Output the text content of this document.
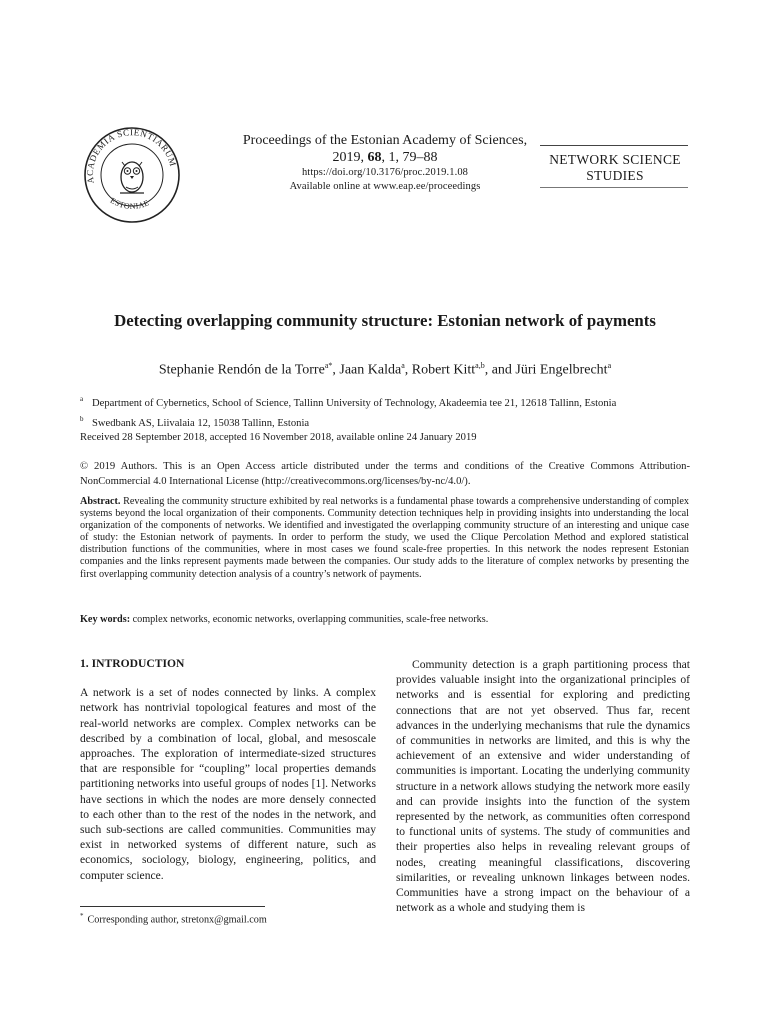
ACADEMIA SCIENTIARUM
ESTONIAE
Proceedings of the Estonian Academy of Sciences,
2019, 68, 1, 79–88
https://doi.org/10.3176/proc.2019.1.08
Available online at www.eap.ee/proceedings
NETWORK SCIENCE
STUDIES
Detecting overlapping community structure: Estonian network of payments
Stephanie Rendón de la Torre$^{a*}$, Jaan Kalda$^a$, Robert Kitt$^{a,b}$, and Jüri Engelbrecht$^a$
$^a$ Department of Cybernetics, School of Science, Tallinn University of Technology, Akadeemia tee 21, 12618 Tallinn, Estonia
$^b$ Swedbank AS, Liivalaia 12, 15038 Tallinn, Estonia
Received 28 September 2018, accepted 16 November 2018, available online 24 January 2019
© 2019 Authors. This is an Open Access article distributed under the terms and conditions of the Creative Commons Attribution-NonCommercial 4.0 International License (http://creativecommons.org/licenses/by-nc/4.0/).
Abstract. Revealing the community structure exhibited by real networks is a fundamental phase towards a comprehensive understanding of complex systems beyond the local organization of their components. Community detection techniques help in providing insights into understanding the local organization of the components of networks. We identified and investigated the overlapping community structure of an interesting and unique case of study: the Estonian network of payments. In order to perform the study, we used the Clique Percolation Method and explored statistical distribution functions of the communities, where in most cases we found scale-free properties. In this network the nodes represent Estonian companies and the links represent payments made between the companies. Our study adds to the literature of complex networks by presenting the first overlapping community detection analysis of a country’s network of payments.
Key words: complex networks, economic networks, overlapping communities, scale-free networks.
1. INTRODUCTION

A network is a set of nodes connected by links. A complex network has nontrivial topological features and most of the real-world networks are complex. Complex networks can be described by a combination of local, global, and mesoscale approaches. The exploration of intermediate-sized structures that are responsible for “coupling” local properties demands partitioning networks into useful groups of nodes [1]. Networks have sections in which the nodes are more densely connected to each other than to the rest of the nodes in the network, and such sub-sections are called communities. Communities may exist in networked systems of different nature, such as economics, sociology, biology, engineering, politics, and computer science.

Community detection is a graph partitioning process that provides valuable insight into the organizational principles of networks and is essential for exploring and predicting connections that are not yet observed. Thus far, recent advances in the underlying mechanisms that rule the dynamics of communities in networks are limited, and this is why the achievement of an extensive and wider understanding of communities is important. Locating the underlying community structure in a network allows studying the network more easily and can provide insights into the function of the system represented by the network, as communities often correspond to functional units of systems. The study of communities and their properties also helps in revealing relevant groups of nodes, creating meaningful classifications, discovering similarities, or revealing unknown linkages between nodes. Communities have a strong impact on the behaviour of a network as a whole and studying them is

* Corresponding author, stretonx@gmail.com
